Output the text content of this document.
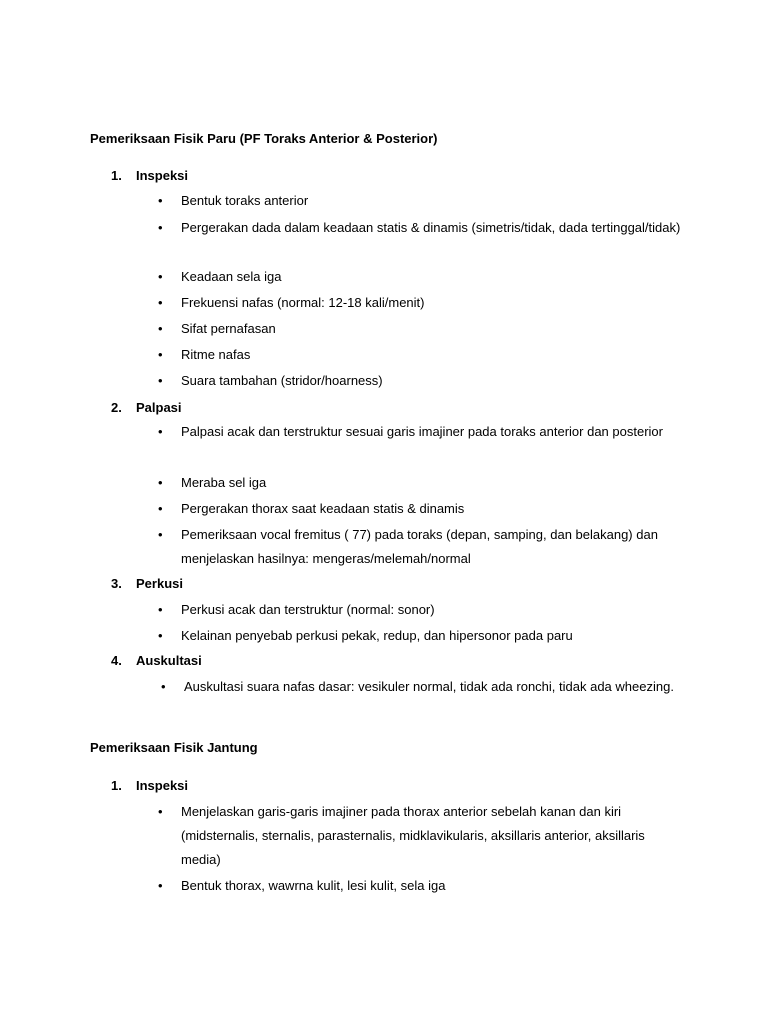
Pemeriksaan Fisik Paru (PF Toraks Anterior & Posterior)
1. Inspeksi
• Bentuk toraks anterior
• Pergerakan dada dalam keadaan statis & dinamis (simetris/tidak, dada tertinggal/tidak)
• Keadaan sela iga
• Frekuensi nafas (normal: 12-18 kali/menit)
• Sifat pernafasan
• Ritme nafas
• Suara tambahan (stridor/hoarness)
2. Palpasi
• Palpasi acak dan terstruktur sesuai garis imajiner pada toraks anterior dan posterior
• Meraba sel iga
• Pergerakan thorax saat keadaan statis & dinamis
• Pemeriksaan vocal fremitus ( 77) pada toraks (depan, samping, dan belakang) dan menjelaskan hasilnya: mengeras/melemah/normal
3. Perkusi
• Perkusi acak dan terstruktur (normal: sonor)
• Kelainan penyebab perkusi pekak, redup, dan hipersonor pada paru
4. Auskultasi
• Auskultasi suara nafas dasar: vesikuler normal, tidak ada ronchi, tidak ada wheezing.
Pemeriksaan Fisik Jantung
1. Inspeksi
• Menjelaskan garis-garis imajiner pada thorax anterior sebelah kanan dan kiri (midsternalis, sternalis, parasternalis, midklavikularis, aksillaris anterior, aksillaris media)
• Bentuk thorax, wawrna kulit, lesi kulit, sela iga
